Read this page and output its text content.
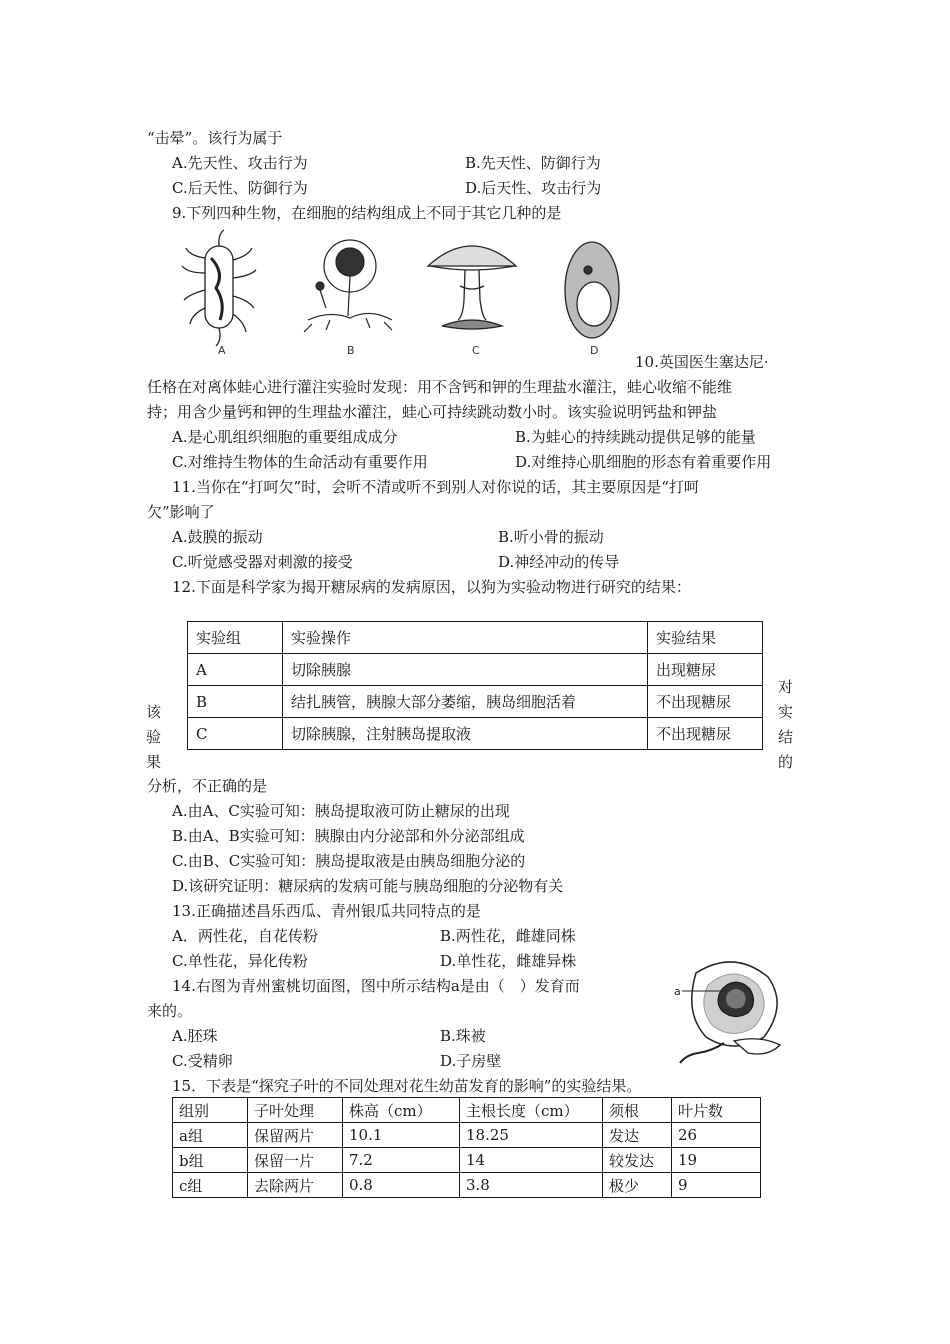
“击晕”。该行为属于
A.先天性、攻击行为	B.先天性、防御行为
C.后天性、防御行为	D.后天性、攻击行为
9.下列四种生物，在细胞的结构组成上不同于其它几种的是
A	B	C	D
10.英国医生塞达尼·
任格在对离体蛙心进行灌注实验时发现：用不含钙和钾的生理盐水灌注，蛙心收缩不能维
持；用含少量钙和钾的生理盐水灌注，蛙心可持续跳动数小时。该实验说明钙盐和钾盐
A.是心肌组织细胞的重要组成成分	B.为蛙心的持续跳动提供足够的能量
C.对维持生物体的生命活动有重要作用	D.对维持心肌细胞的形态有着重要作用
11.当你在“打呵欠”时，会听不清或听不到别人对你说的话，其主要原因是“打呵
欠”影响了
A.鼓膜的振动	B.听小骨的振动
C.听觉感受器对刺激的接受	D.神经冲动的传导
12.下面是科学家为揭开糖尿病的发病原因，以狗为实验动物进行研究的结果：
实验组	实验操作	实验结果
A	切除胰腺	出现糖尿
B	结扎胰管，胰腺大部分萎缩，胰岛细胞活着	不出现糖尿
C	切除胰腺，注射胰岛提取液	不出现糖尿
该
验
果
对
实
结
的
分析，不正确的是
A.由A、C实验可知：胰岛提取液可防止糖尿的出现
B.由A、B实验可知：胰腺由内分泌部和外分泌部组成
C.由B、C实验可知：胰岛提取液是由胰岛细胞分泌的
D.该研究证明：糖尿病的发病可能与胰岛细胞的分泌物有关
13.正确描述昌乐西瓜、青州银瓜共同特点的是
A．两性花，自花传粉	B.两性花，雌雄同株
C.单性花，异化传粉	D.单性花，雌雄异株
14.右图为青州蜜桃切面图，图中所示结构a是由（　）发育而
来的。
A.胚珠	B.珠被
C.受精卵	D.子房壁
a
15．下表是“探究子叶的不同处理对花生幼苗发育的影响”的实验结果。
组别	子叶处理	株高（cm）	主根长度（cm）	须根	叶片数
a组	保留两片	10.1	18.25	发达	26
b组	保留一片	7.2	14	较发达	19
c组	去除两片	0.8	3.8	极少	9
